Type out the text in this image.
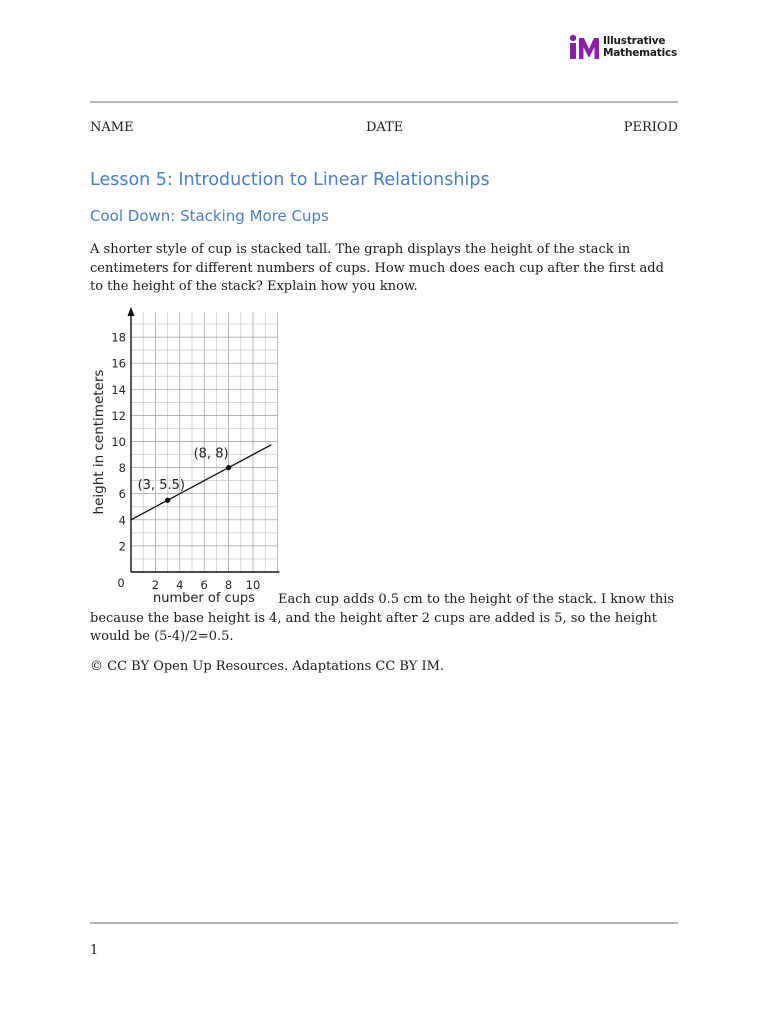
Illustrative
Mathematics
NAME	DATE	PERIOD
Lesson 5: Introduction to Linear Relationships
Cool Down: Stacking More Cups

A shorter style of cup is stacked tall. The graph displays the height of the stack in centimeters for different numbers of cups. How much does each cup after the first add to the height of the stack? Explain how you know.

2
4
6
8
10
12
14
16
18
2 4 6 8 10
0
(3, 5.5)
(8, 8)
number of cups
height in centimeters

Each cup adds 0.5 cm to the height of the stack. I know this because the base height is 4, and the height after 2 cups are added is 5, so the height would be (5-4)/2=0.5.

© CC BY Open Up Resources. Adaptations CC BY IM.

1
